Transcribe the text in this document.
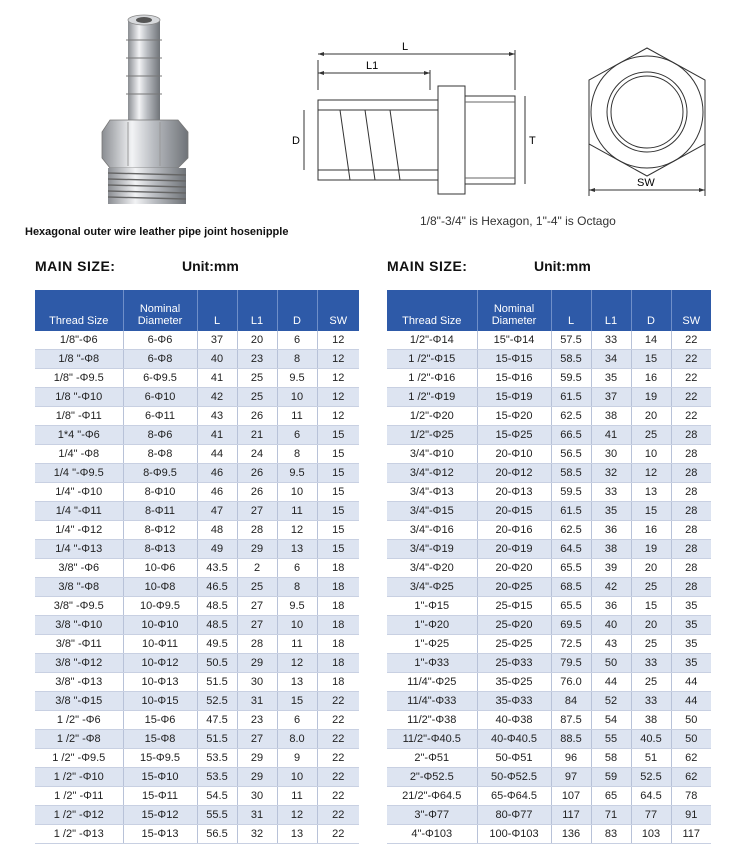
L
L1
D	T
SW
Hexagonal outer wire leather pipe joint hosenipple
1/8"-3/4" is Hexagon, 1"-4" is Octago
MAIN SIZE:	Unit:mm	MAIN SIZE:	Unit:mm
Thread Size	Nominal
Diameter	L	L1	D	SW
1/8"-Φ6	6-Φ6	37	20	6	12
1/8 "-Φ8	6-Φ8	40	23	8	12
1/8" -Φ9.5	6-Φ9.5	41	25	9.5	12
1/8 "-Φ10	6-Φ10	42	25	10	12
1/8" -Φ11	6-Φ11	43	26	11	12
1*4 "-Φ6	8-Φ6	41	21	6	15
1/4" -Φ8	8-Φ8	44	24	8	15
1/4 "-Φ9.5	8-Φ9.5	46	26	9.5	15
1/4" -Φ10	8-Φ10	46	26	10	15
1/4 "-Φ11	8-Φ11	47	27	11	15
1/4" -Φ12	8-Φ12	48	28	12	15
1/4 "-Φ13	8-Φ13	49	29	13	15
3/8" -Φ6	10-Φ6	43.5	2	6	18
3/8 "-Φ8	10-Φ8	46.5	25	8	18
3/8" -Φ9.5	10-Φ9.5	48.5	27	9.5	18
3/8 "-Φ10	10-Φ10	48.5	27	10	18
3/8" -Φ11	10-Φ11	49.5	28	11	18
3/8 "-Φ12	10-Φ12	50.5	29	12	18
3/8" -Φ13	10-Φ13	51.5	30	13	18
3/8 "-Φ15	10-Φ15	52.5	31	15	22
1 /2" -Φ6	15-Φ6	47.5	23	6	22
1 /2" -Φ8	15-Φ8	51.5	27	8.0	22
1 /2" -Φ9.5	15-Φ9.5	53.5	29	9	22
1 /2" -Φ10	15-Φ10	53.5	29	10	22
1 /2" -Φ11	15-Φ11	54.5	30	11	22
1 /2" -Φ12	15-Φ12	55.5	31	12	22
1 /2" -Φ13	15-Φ13	56.5	32	13	22
Thread Size	Nominal
Diameter	L	L1	D	SW
1/2"-Φ14	15"-Φ14	57.5	33	14	22
1 /2"-Φ15	15-Φ15	58.5	34	15	22
1 /2"-Φ16	15-Φ16	59.5	35	16	22
1 /2"-Φ19	15-Φ19	61.5	37	19	22
1/2"-Φ20	15-Φ20	62.5	38	20	22
1/2"-Φ25	15-Φ25	66.5	41	25	28
3/4"-Φ10	20-Φ10	56.5	30	10	28
3/4"-Φ12	20-Φ12	58.5	32	12	28
3/4"-Φ13	20-Φ13	59.5	33	13	28
3/4"-Φ15	20-Φ15	61.5	35	15	28
3/4"-Φ16	20-Φ16	62.5	36	16	28
3/4"-Φ19	20-Φ19	64.5	38	19	28
3/4"-Φ20	20-Φ20	65.5	39	20	28
3/4"-Φ25	20-Φ25	68.5	42	25	28
1"-Φ15	25-Φ15	65.5	36	15	35
1"-Φ20	25-Φ20	69.5	40	20	35
1"-Φ25	25-Φ25	72.5	43	25	35
1"-Φ33	25-Φ33	79.5	50	33	35
11/4"-Φ25	35-Φ25	76.0	44	25	44
11/4"-Φ33	35-Φ33	84	52	33	44
11/2"-Φ38	40-Φ38	87.5	54	38	50
11/2"-Φ40.5	40-Φ40.5	88.5	55	40.5	50
2"-Φ51	50-Φ51	96	58	51	62
2"-Φ52.5	50-Φ52.5	97	59	52.5	62
21/2"-Φ64.5	65-Φ64.5	107	65	64.5	78
3"-Φ77	80-Φ77	117	71	77	91
4"-Φ103	100-Φ103	136	83	103	117
